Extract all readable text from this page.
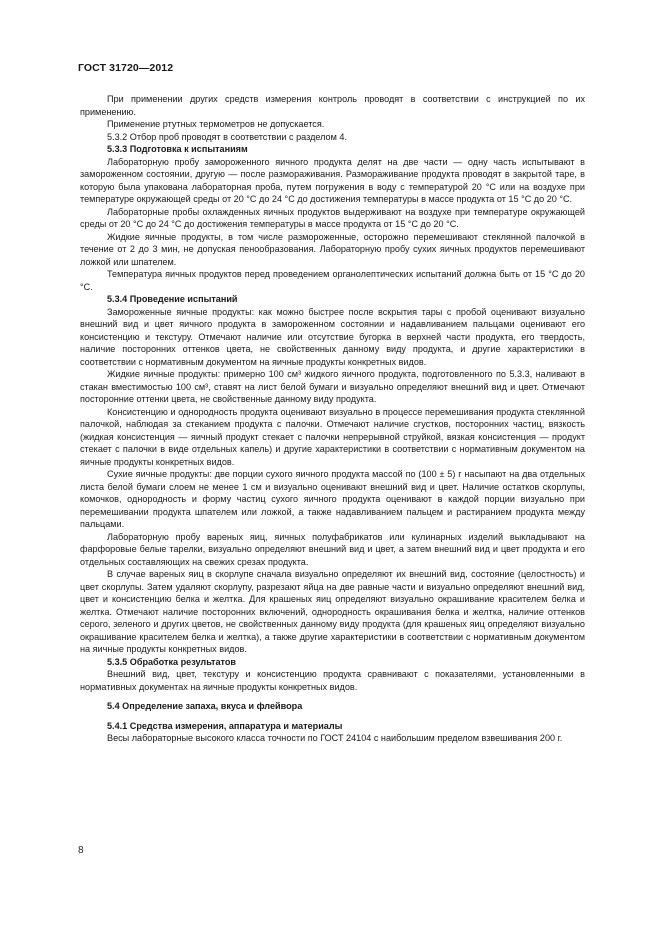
ГОСТ 31720—2012

При применении других средств измерения контроль проводят в соответствии с инструкцией по их применению.

Применение ртутных термометров не допускается.

5.3.2 Отбор проб проводят в соответствии с разделом 4.

5.3.3 Подготовка к испытаниям

Лабораторную пробу замороженного яичного продукта делят на две части — одну часть испытывают в замороженном состоянии, другую — после размораживания. Размораживание продукта проводят в закрытой таре, в которую была упакована лабораторная проба, путем погружения в воду с температурой 20 °C или на воздухе при температуре окружающей среды от 20 °C до 24 °C до достижения температуры в массе продукта от 15 °C до 20 °C.

Лабораторные пробы охлажденных яичных продуктов выдерживают на воздухе при температуре окружающей среды от 20 °C до 24 °C до достижения температуры в массе продукта от 15 °C до 20 °C.

Жидкие яичные продукты, в том числе размороженные, осторожно перемешивают стеклянной палочкой в течение от 2 до 3 мин, не допуская пенообразования. Лабораторную пробу сухих яичных продуктов перемешивают ложкой или шпателем.

Температура яичных продуктов перед проведением органолептических испытаний должна быть от 15 °C до 20 °C.

5.3.4 Проведение испытаний

Замороженные яичные продукты: как можно быстрее после вскрытия тары с пробой оценивают визуально внешний вид и цвет яичного продукта в замороженном состоянии и надавливанием пальцами оценивают его консистенцию и текстуру. Отмечают наличие или отсутствие бугорка в верхней части продукта, его твердость, наличие посторонних оттенков цвета, не свойственных данному виду продукта, и другие характеристики в соответствии с нормативным документом на яичные продукты конкретных видов.

Жидкие яичные продукты: примерно 100 см³ жидкого яичного продукта, подготовленного по 5.3.3, наливают в стакан вместимостью 100 см³, ставят на лист белой бумаги и визуально определяют внешний вид и цвет. Отмечают посторонние оттенки цвета, не свойственные данному виду продукта.

Консистенцию и однородность продукта оценивают визуально в процессе перемешивания продукта стеклянной палочкой, наблюдая за стеканием продукта с палочки. Отмечают наличие сгустков, посторонних частиц, вязкость (жидкая консистенция — яичный продукт стекает с палочки непрерывной струйкой, вязкая консистенция — продукт стекает с палочки в виде отдельных капель) и другие характеристики в соответствии с нормативным документом на яичные продукты конкретных видов.

Сухие яичные продукты: две порции сухого яичного продукта массой по (100 ± 5) г насыпают на два отдельных листа белой бумаги слоем не менее 1 см и визуально оценивают внешний вид и цвет. Наличие остатков скорлупы, комочков, однородность и форму частиц сухого яичного продукта оценивают в каждой порции визуально при перемешивании продукта шпателем или ложкой, а также надавливанием пальцем и растиранием продукта между пальцами.

Лабораторную пробу вареных яиц, яичных полуфабрикатов или кулинарных изделий выкладывают на фарфоровые белые тарелки, визуально определяют внешний вид и цвет, а затем внешний вид и цвет продукта и его отдельных составляющих на свежих срезах продукта.

В случае вареных яиц в скорлупе сначала визуально определяют их внешний вид, состояние (целостность) и цвет скорлупы. Затем удаляют скорлупу, разрезают яйца на две равные части и визуально определяют внешний вид, цвет и консистенцию белка и желтка. Для крашеных яиц определяют визуально окрашивание красителем белка и желтка. Отмечают наличие посторонних включений, однородность окрашивания белка и желтка, наличие оттенков серого, зеленого и других цветов, не свойственных данному виду продукта (для крашеных яиц определяют визуально окрашивание красителем белка и желтка), а также другие характеристики в соответствии с нормативным документом на яичные продукты конкретных видов.

5.3.5 Обработка результатов

Внешний вид, цвет, текстуру и консистенцию продукта сравнивают с показателями, установленными в нормативных документах на яичные продукты конкретных видов.

5.4 Определение запаха, вкуса и флейвора

5.4.1 Средства измерения, аппаратура и материалы

Весы лабораторные высокого класса точности по ГОСТ 24104 с наибольшим пределом взвешивания 200 г.

8
